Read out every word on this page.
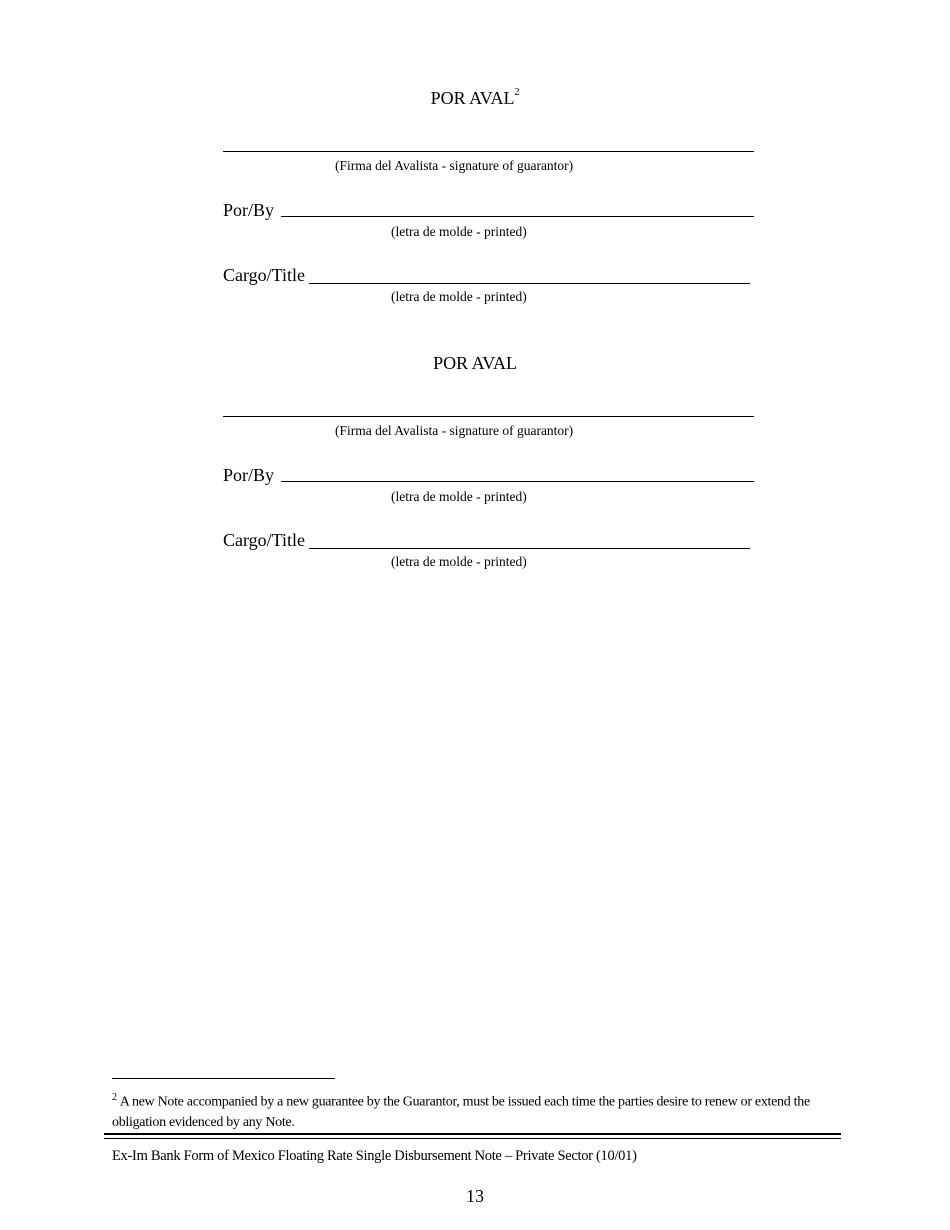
POR AVAL$^2$
(Firma del Avalista - signature of guarantor)
Por/By
(letra de molde - printed)
Cargo/Title
(letra de molde - printed)
POR AVAL
(Firma del Avalista - signature of guarantor)
Por/By
(letra de molde - printed)
Cargo/Title
(letra de molde - printed)
$^2$ A new Note accompanied by a new guarantee by the Guarantor, must be issued each time the parties desire to renew or extend the obligation evidenced by any Note.
Ex-Im Bank Form of Mexico Floating Rate Single Disbursement Note – Private Sector (10/01)
13
